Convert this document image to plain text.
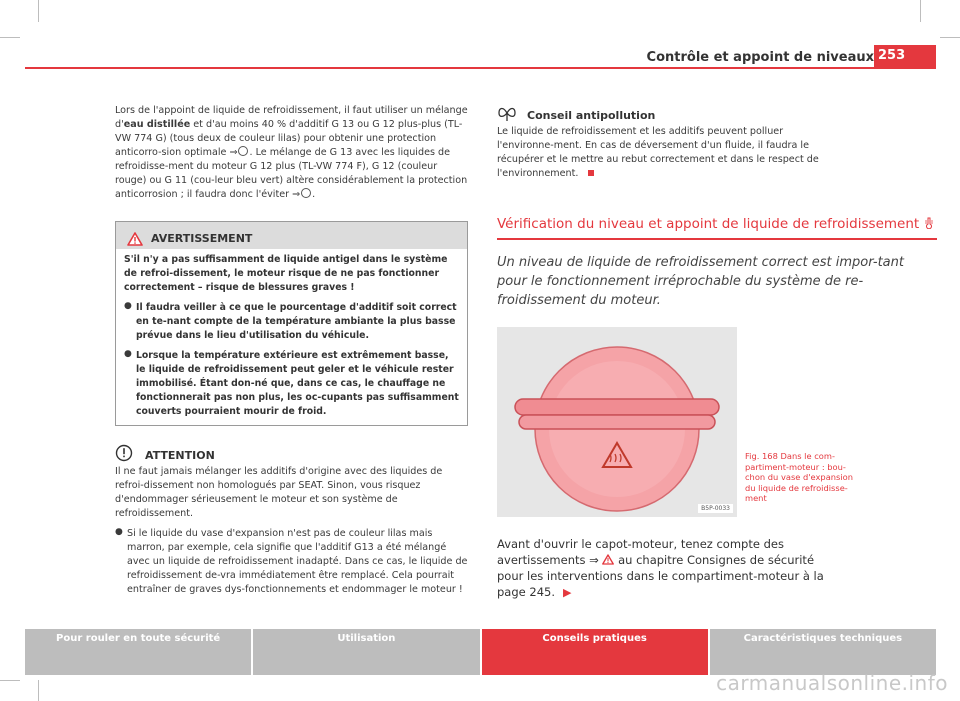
Contrôle et appoint de niveaux 253

Lors de l'appoint de liquide de refroidissement, il faut utiliser un mélange d'eau distillée et d'au moins 40 % d'additif G 13 ou G 12 plus-plus (TL-VW 774 G) (tous deux de couleur lilas) pour obtenir une protection anticorro-sion optimale ⇒ . Le mélange de G 13 avec les liquides de refroidisse-ment du moteur G 12 plus (TL-VW 774 F), G 12 (couleur rouge) ou G 11 (cou-leur bleu vert) altère considérablement la protection anticorrosion ; il faudra donc l'éviter ⇒ .

AVERTISSEMENT

S'il n'y a pas suffisamment de liquide antigel dans le système de refroi-dissement, le moteur risque de ne pas fonctionner correctement – risque de blessures graves !

● Il faudra veiller à ce que le pourcentage d'additif soit correct en te-nant compte de la température ambiante la plus basse prévue dans le lieu d'utilisation du véhicule.

● Lorsque la température extérieure est extrêmement basse, le liquide de refroidissement peut geler et le véhicule rester immobilisé. Étant don-né que, dans ce cas, le chauffage ne fonctionnerait pas non plus, les oc-cupants pas suffisamment couverts pourraient mourir de froid.

ATTENTION

Il ne faut jamais mélanger les additifs d'origine avec des liquides de refroi-dissement non homologués par SEAT. Sinon, vous risquez d'endommager sérieusement le moteur et son système de refroidissement.

● Si le liquide du vase d'expansion n'est pas de couleur lilas mais marron, par exemple, cela signifie que l'additif G13 a été mélangé avec un liquide de refroidissement inadapté. Dans ce cas, le liquide de refroidissement de-vra immédiatement être remplacé. Cela pourrait entraîner de graves dys-fonctionnements et endommager le moteur !

Conseil antipollution

Le liquide de refroidissement et les additifs peuvent polluer l'environne-ment. En cas de déversement d'un fluide, il faudra le récupérer et le mettre au rebut correctement et dans le respect de l'environnement.

Vérification du niveau et appoint de liquide de refroidissement

Un niveau de liquide de refroidissement correct est impor-tant pour le fonctionnement irréprochable du système de re-froidissement du moteur.

B5P-0033

Fig. 168 Dans le com-partiment-moteur : bou-chon du vase d'expansion du liquide de refroidisse-ment

Avant d'ouvrir le capot-moteur, tenez compte des avertissements ⇒  au chapitre Consignes de sécurité pour les interventions dans le compartiment-moteur à la page 245. ▶

Pour rouler en toute sécurité	Utilisation	Conseils pratiques	Caractéristiques techniques
carmanualsonline.info
